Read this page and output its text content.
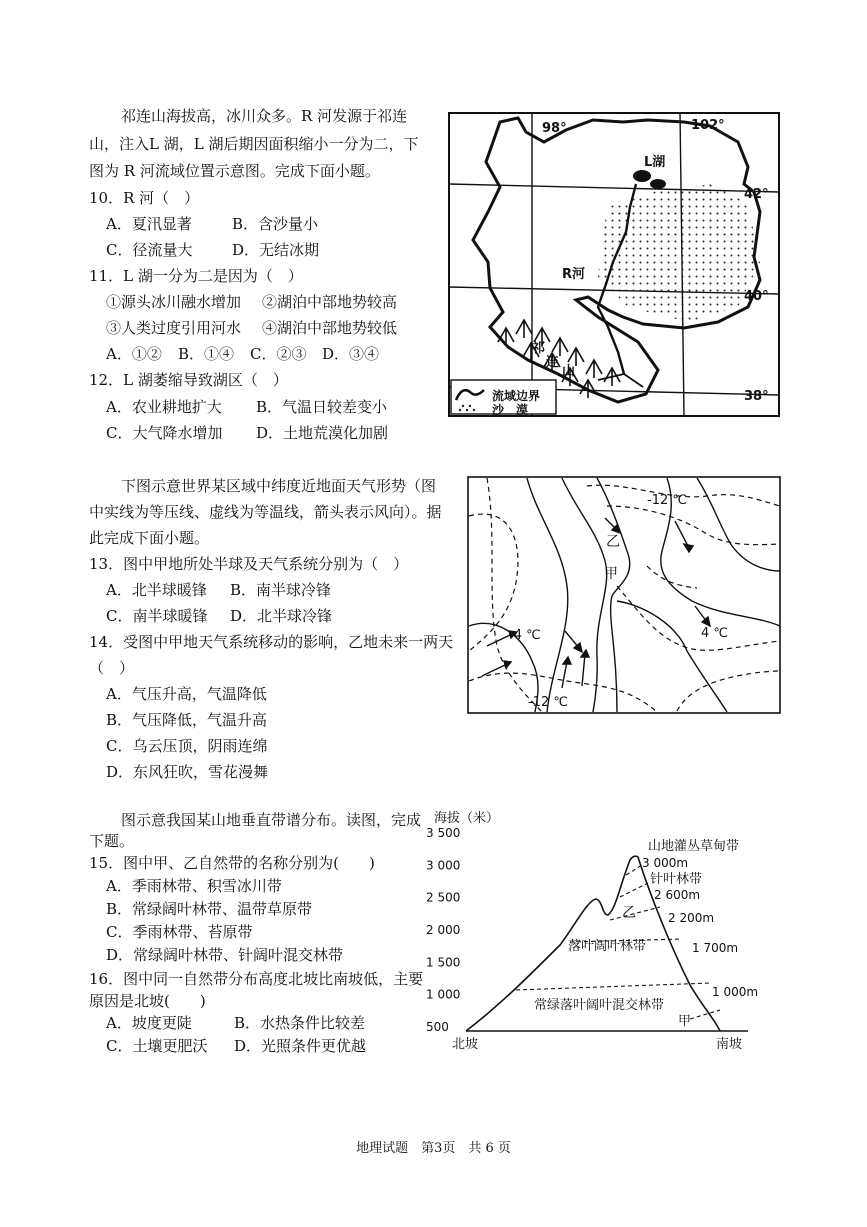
祁连山海拔高，冰川众多。R 河发源于祁连
山，注入L 湖，L 湖后期因面积缩小一分为二，下
图为 R 河流域位置示意图。完成下面小题。
10．R 河（　）
A．夏汛显著	B．含沙量小
C．径流量大	D．无结冰期
11．L 湖一分为二是因为（　）
①源头冰川融水增加 ②湖泊中部地势较高
③人类过度引用河水 ④湖泊中部地势较低
A．①② B．①④ C．②③ D．③④
12．L 湖萎缩导致湖区（　）
A．农业耕地扩大 B．气温日较差变小
C．大气降水增加 D．土地荒漠化加剧
流域边界
沙　漠
98°	102°
42°
40°
38°
L湖
R河
祁
连
山
下图示意世界某区域中纬度近地面天气形势（图
中实线为等压线、虚线为等温线，箭头表示风向）。据
此完成下面小题。
13．图中甲地所处半球及天气系统分别为（　）
A．北半球暖锋 B．南半球冷锋
C．南半球暖锋 D．北半球冷锋
14．受图中甲地天气系统移动的影响，乙地未来一两天
（　）
A．气压升高，气温降低
B．气压降低，气温升高
C．乌云压顶，阴雨连绵
D．东风狂吹，雪花漫舞
-12 ℃
-4 ℃	4 ℃
-12 ℃
乙
甲
图示意我国某山地垂直带谱分布。读图，完成
下题。
15．图中甲、乙自然带的名称分别为(　　)
A．季雨林带、积雪冰川带
B．常绿阔叶林带、温带草原带
C．季雨林带、苔原带
D．常绿阔叶林带、针阔叶混交林带
16．图中同一自然带分布高度北坡比南坡低，主要
原因是北坡(　　)
A．坡度更陡	B．水热条件比较差
C．土壤更肥沃 D．光照条件更优越
海拔（米）
3 500
3 000
2 500
2 000
1 500
1 000
500
山地灌丛草甸带
3 000m
针叶林带
2 600m
乙	2 200m
落叶阔叶林带	1 700m
常绿落叶阔叶混交林带
1 000m
甲
北坡	南坡
地理试题　第3页　共 6 页
